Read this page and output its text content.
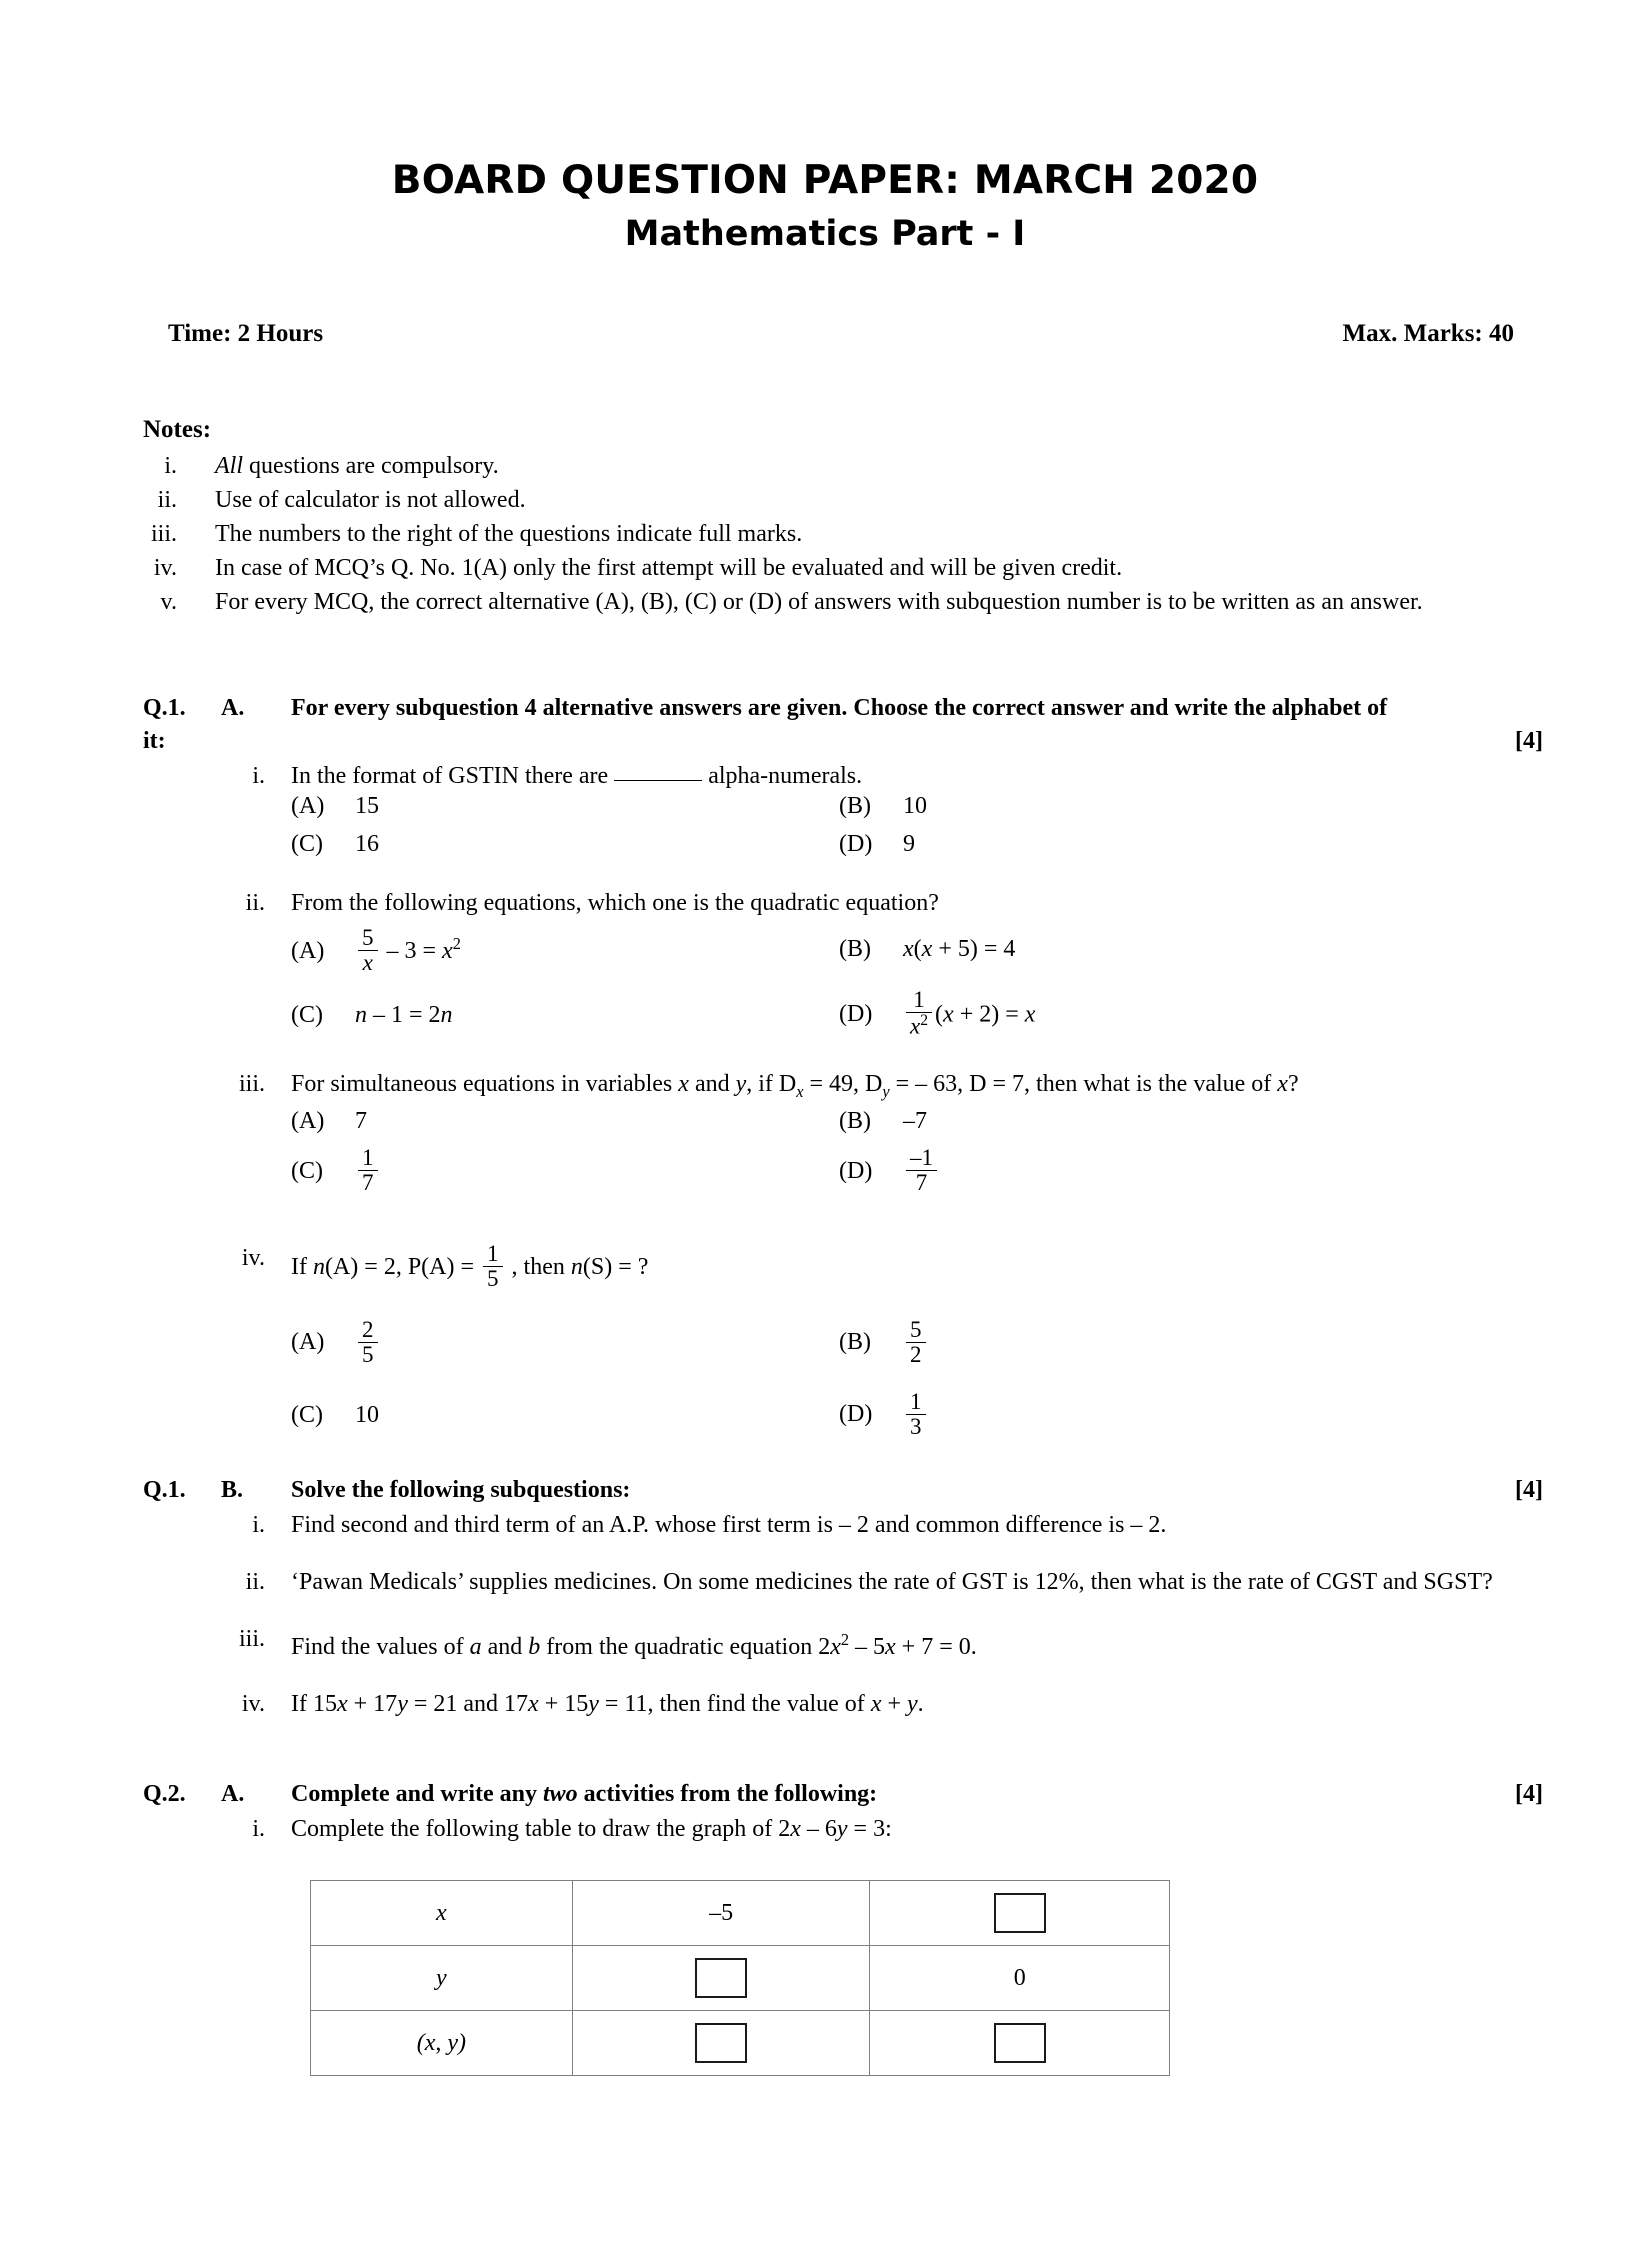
BOARD QUESTION PAPER: MARCH 2020
Mathematics Part - I
Time: 2 Hours	Max. Marks: 40
Notes:
i.	All questions are compulsory.
ii.	Use of calculator is not allowed.
iii.	The numbers to the right of the questions indicate full marks.
iv.	In case of MCQ’s Q. No. 1(A) only the first attempt will be evaluated and will be given credit.
v.	For every MCQ, the correct alternative (A), (B), (C) or (D) of answers with subquestion number is to be written as an answer.
Q.1.	A.	For every subquestion 4 alternative answers are given. Choose the correct answer and write the alphabet of it:	[4]
i. In the format of GSTIN there are	alpha-numerals.
(A) 15	(B) 10
(C) 16	(D) 9
ii. From the following equations, which one is the quadratic equation?
$(A) \frac{5}{x} - 3 = x^2$	(B) x(x + 5) = 4
(C) n – 1 = 2n	$(D) \frac{1}{x^2} (x + 2) = x$
iii. For simultaneous equations in variables x and y, if $D_x = 49$, $D_y$ = – 63, D = 7, then what is the value of x?
(A) 7	(B) –7
$(C) \frac{1}{7}$	$(D) \frac{-1}{7}$
iv. If n(A) = 2, $P(A) = \frac{1}{5}$ , then n(S) = ?
$(A) \frac{2}{5}$	$(B) \frac{5}{2}$
(C) 10	$(D) \frac{1}{3}$
Q.1.	B.	Solve the following subquestions:	[4]
i. Find second and third term of an A.P. whose first term is – 2 and common difference is – 2.
ii. ‘Pawan Medicals’ supplies medicines. On some medicines the rate of GST is 12%, then what is the rate of CGST and SGST?
iii. Find the values of a and b from the quadratic equation $2x^2 - 5x + 7 = 0$.
iv. If 15x + 17y = 21 and 17x + 15y = 11, then find the value of x + y.
Q.2.	A.	Complete and write any two activities from the following:	[4]
i. Complete the following table to draw the graph of 2x – 6y = 3:
x	–5	
y		0
(x, y)		
